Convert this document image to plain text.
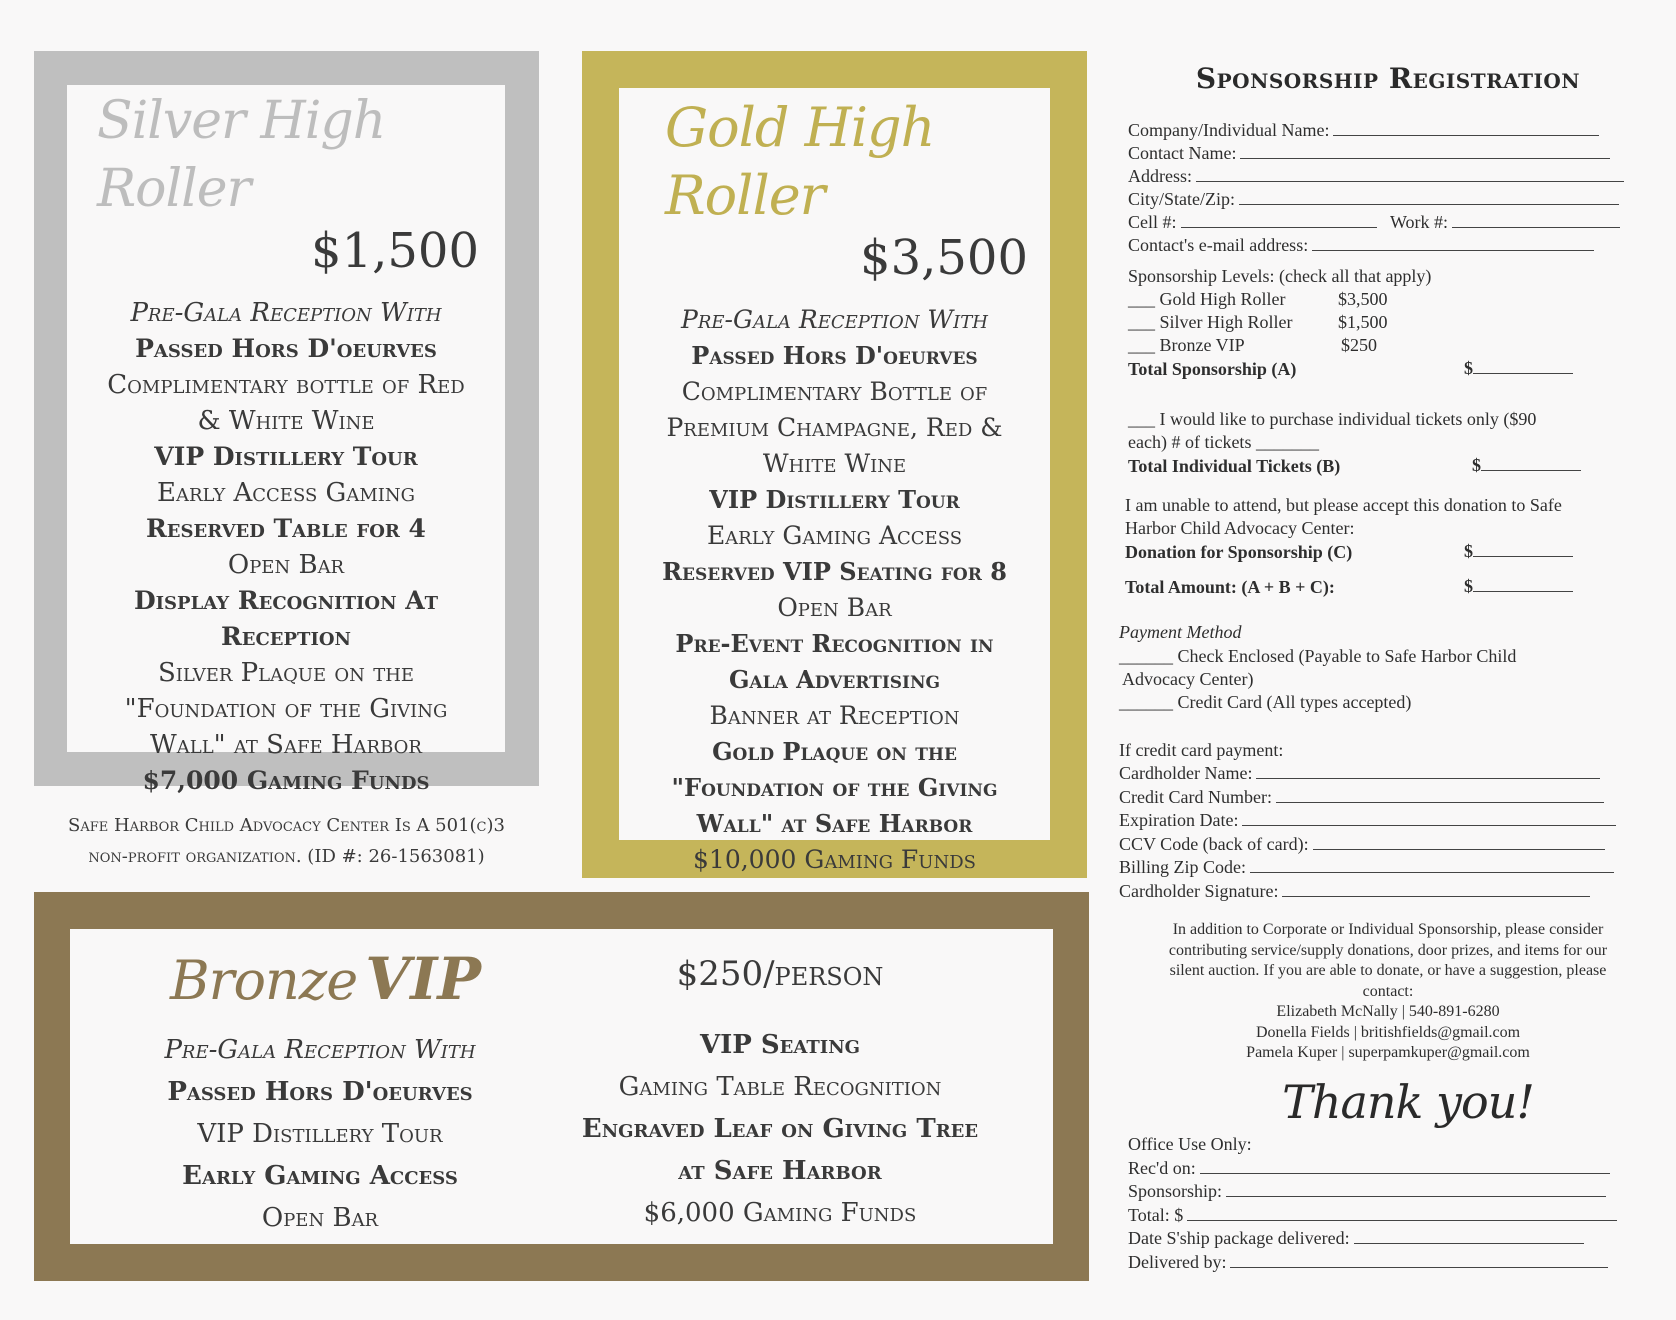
Silver High Roller
$1,500
Pre-Gala Reception With
Passed Hors D'oeurves
Complimentary bottle of Red
& White Wine
VIP Distillery Tour
Early Access Gaming
Reserved Table for 4
Open Bar
Display Recognition At
Reception
Silver Plaque on the
"Foundation of the Giving
Wall" at Safe Harbor
$7,000 Gaming Funds
Gold High Roller
$3,500
Pre-Gala Reception With
Passed Hors D'oeurves
Complimentary Bottle of
Premium Champagne, Red &
White Wine
VIP Distillery Tour
Early Gaming Access
Reserved VIP Seating for 8
Open Bar
Pre-Event Recognition in
Gala Advertising
Banner at Reception
Gold Plaque on the
"Foundation of the Giving
Wall" at Safe Harbor
$10,000 Gaming Funds
Safe Harbor Child Advocacy Center Is A 501(c)3
non-profit organization. (ID #: 26-1563081)
Bronze VIP
Pre-Gala Reception With
Passed Hors D'oeurves
VIP Distillery Tour
Early Gaming Access
Open Bar
$250/person
VIP Seating
Gaming Table Recognition
Engraved Leaf on Giving Tree
at Safe Harbor
$6,000 Gaming Funds
Sponsorship Registration
Company/Individual Name:
Contact Name:
Address:
City/State/Zip:
Cell #:	Work #:
Contact's e-mail address:
Sponsorship Levels: (check all that apply)
___ Gold High Roller	$3,500
___ Silver High Roller	$1,500
___ Bronze VIP	$250
Total Sponsorship (A)	$
___ I would like to purchase individual tickets only ($90
each) # of tickets _______
Total Individual Tickets (B)	$
I am unable to attend, but please accept this donation to Safe
Harbor Child Advocacy Center:
Donation for Sponsorship (C)	$
Total Amount: (A + B + C):	$
Payment Method
______ Check Enclosed (Payable to Safe Harbor Child
Advocacy Center)
______ Credit Card (All types accepted)
If credit card payment:
Cardholder Name:
Credit Card Number:
Expiration Date:
CCV Code (back of card):
Billing Zip Code:
Cardholder Signature:
In addition to Corporate or Individual Sponsorship, please consider
contributing service/supply donations, door prizes, and items for our
silent auction. If you are able to donate, or have a suggestion, please
contact:
Elizabeth McNally | 540-891-6280
Donella Fields | britishfields@gmail.com
Pamela Kuper | superpamkuper@gmail.com
Thank you!
Office Use Only:
Rec'd on:
Sponsorship:
Total: $
Date S'ship package delivered:
Delivered by:
